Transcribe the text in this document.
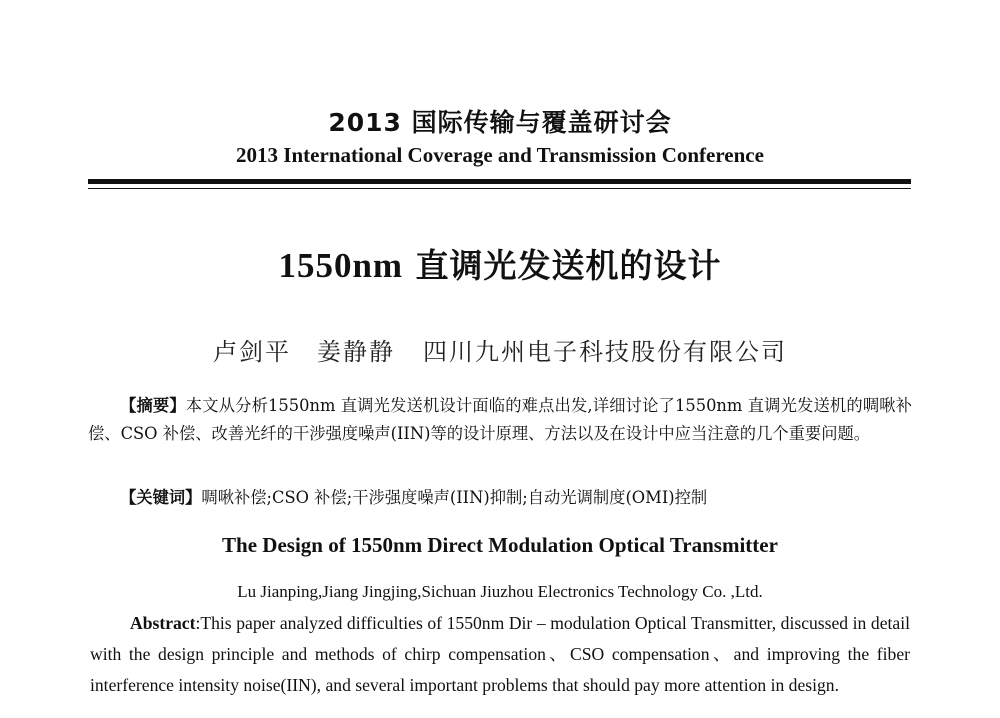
2013 国际传输与覆盖研讨会
2013 International Coverage and Transmission Conference
1550nm 直调光发送机的设计
卢剑平　姜静静 四川九州电子科技股份有限公司
【摘要】本文从分析1550nm 直调光发送机设计面临的难点出发,详细讨论了1550nm 直调光发送机的啁啾补偿、CSO 补偿、改善光纤的干涉强度噪声(IIN)等的设计原理、方法以及在设计中应当注意的几个重要问题。
【关键词】啁啾补偿;CSO 补偿;干涉强度噪声(IIN)抑制;自动光调制度(OMI)控制
The Design of 1550nm Direct Modulation Optical Transmitter
Lu Jianping,Jiang Jingjing,Sichuan Jiuzhou Electronics Technology Co. ,Ltd.
Abstract:This paper analyzed difficulties of 1550nm Dir – modulation Optical Transmitter, discussed in detail with the design principle and methods of chirp compensation、CSO compensation、and improving the fiber interference intensity noise(IIN), and several important problems that should pay more attention in design.
